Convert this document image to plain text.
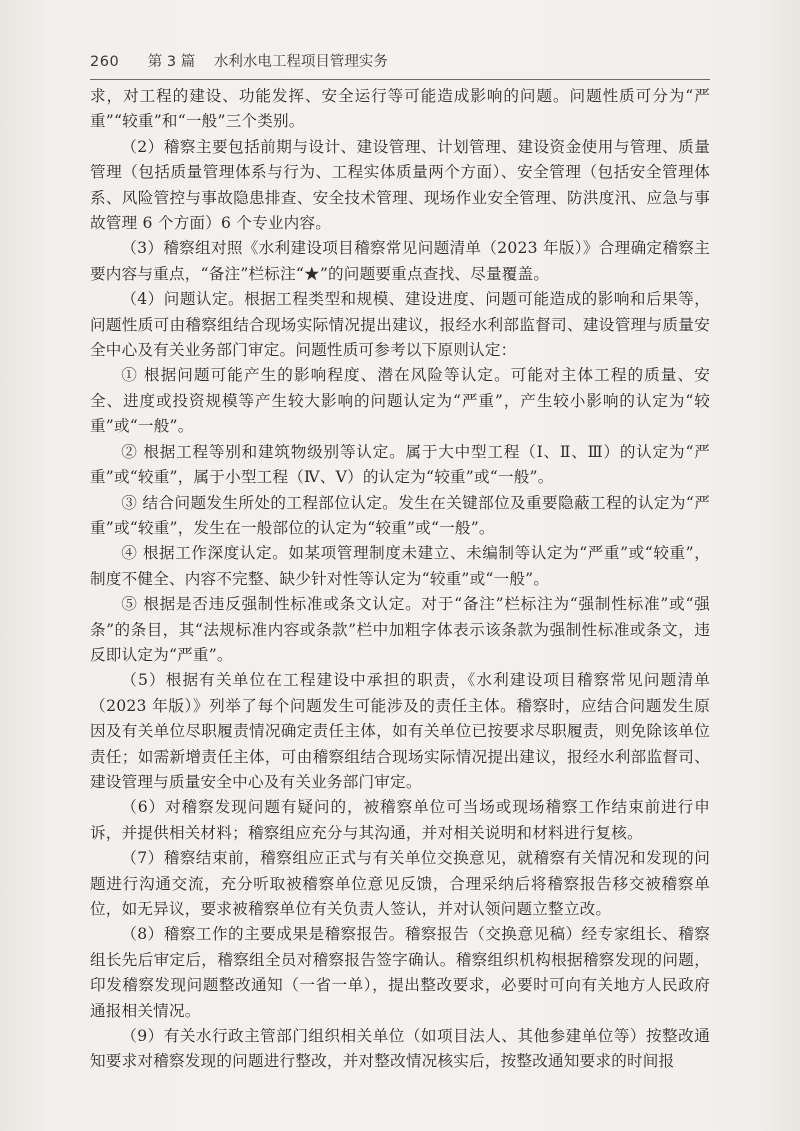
260 第 3 篇 水利水电工程项目管理实务

求，对工程的建设、功能发挥、安全运行等可能造成影响的问题。问题性质可分为“严重”“较重”和“一般”三个类别。

（2）稽察主要包括前期与设计、建设管理、计划管理、建设资金使用与管理、质量管理（包括质量管理体系与行为、工程实体质量两个方面）、安全管理（包括安全管理体系、风险管控与事故隐患排查、安全技术管理、现场作业安全管理、防洪度汛、应急与事故管理 6 个方面）6 个专业内容。

（3）稽察组对照《水利建设项目稽察常见问题清单（2023 年版）》合理确定稽察主要内容与重点，“备注”栏标注“★”的问题要重点查找、尽量覆盖。

（4）问题认定。根据工程类型和规模、建设进度、问题可能造成的影响和后果等，问题性质可由稽察组结合现场实际情况提出建议，报经水利部监督司、建设管理与质量安全中心及有关业务部门审定。问题性质可参考以下原则认定：

① 根据问题可能产生的影响程度、潜在风险等认定。可能对主体工程的质量、安全、进度或投资规模等产生较大影响的问题认定为“严重”，产生较小影响的认定为“较重”或“一般”。

② 根据工程等别和建筑物级别等认定。属于大中型工程（Ⅰ、Ⅱ、Ⅲ）的认定为“严重”或“较重”，属于小型工程（Ⅳ、Ⅴ）的认定为“较重”或“一般”。

③ 结合问题发生所处的工程部位认定。发生在关键部位及重要隐蔽工程的认定为“严重”或“较重”，发生在一般部位的认定为“较重”或“一般”。

④ 根据工作深度认定。如某项管理制度未建立、未编制等认定为“严重”或“较重”，制度不健全、内容不完整、缺少针对性等认定为“较重”或“一般”。

⑤ 根据是否违反强制性标准或条文认定。对于“备注”栏标注为“强制性标准”或“强条”的条目，其“法规标准内容或条款”栏中加粗字体表示该条款为强制性标准或条文，违反即认定为“严重”。

（5）根据有关单位在工程建设中承担的职责，《水利建设项目稽察常见问题清单（2023 年版）》列举了每个问题发生可能涉及的责任主体。稽察时，应结合问题发生原因及有关单位尽职履责情况确定责任主体，如有关单位已按要求尽职履责，则免除该单位责任；如需新增责任主体，可由稽察组结合现场实际情况提出建议，报经水利部监督司、建设管理与质量安全中心及有关业务部门审定。

（6）对稽察发现问题有疑问的，被稽察单位可当场或现场稽察工作结束前进行申诉，并提供相关材料；稽察组应充分与其沟通，并对相关说明和材料进行复核。

（7）稽察结束前，稽察组应正式与有关单位交换意见，就稽察有关情况和发现的问题进行沟通交流，充分听取被稽察单位意见反馈，合理采纳后将稽察报告移交被稽察单位，如无异议，要求被稽察单位有关负责人签认，并对认领问题立整立改。

（8）稽察工作的主要成果是稽察报告。稽察报告（交换意见稿）经专家组长、稽察组长先后审定后，稽察组全员对稽察报告签字确认。稽察组织机构根据稽察发现的问题，印发稽察发现问题整改通知（一省一单），提出整改要求，必要时可向有关地方人民政府通报相关情况。

（9）有关水行政主管部门组织相关单位（如项目法人、其他参建单位等）按整改通知要求对稽察发现的问题进行整改，并对整改情况核实后，按整改通知要求的时间报
